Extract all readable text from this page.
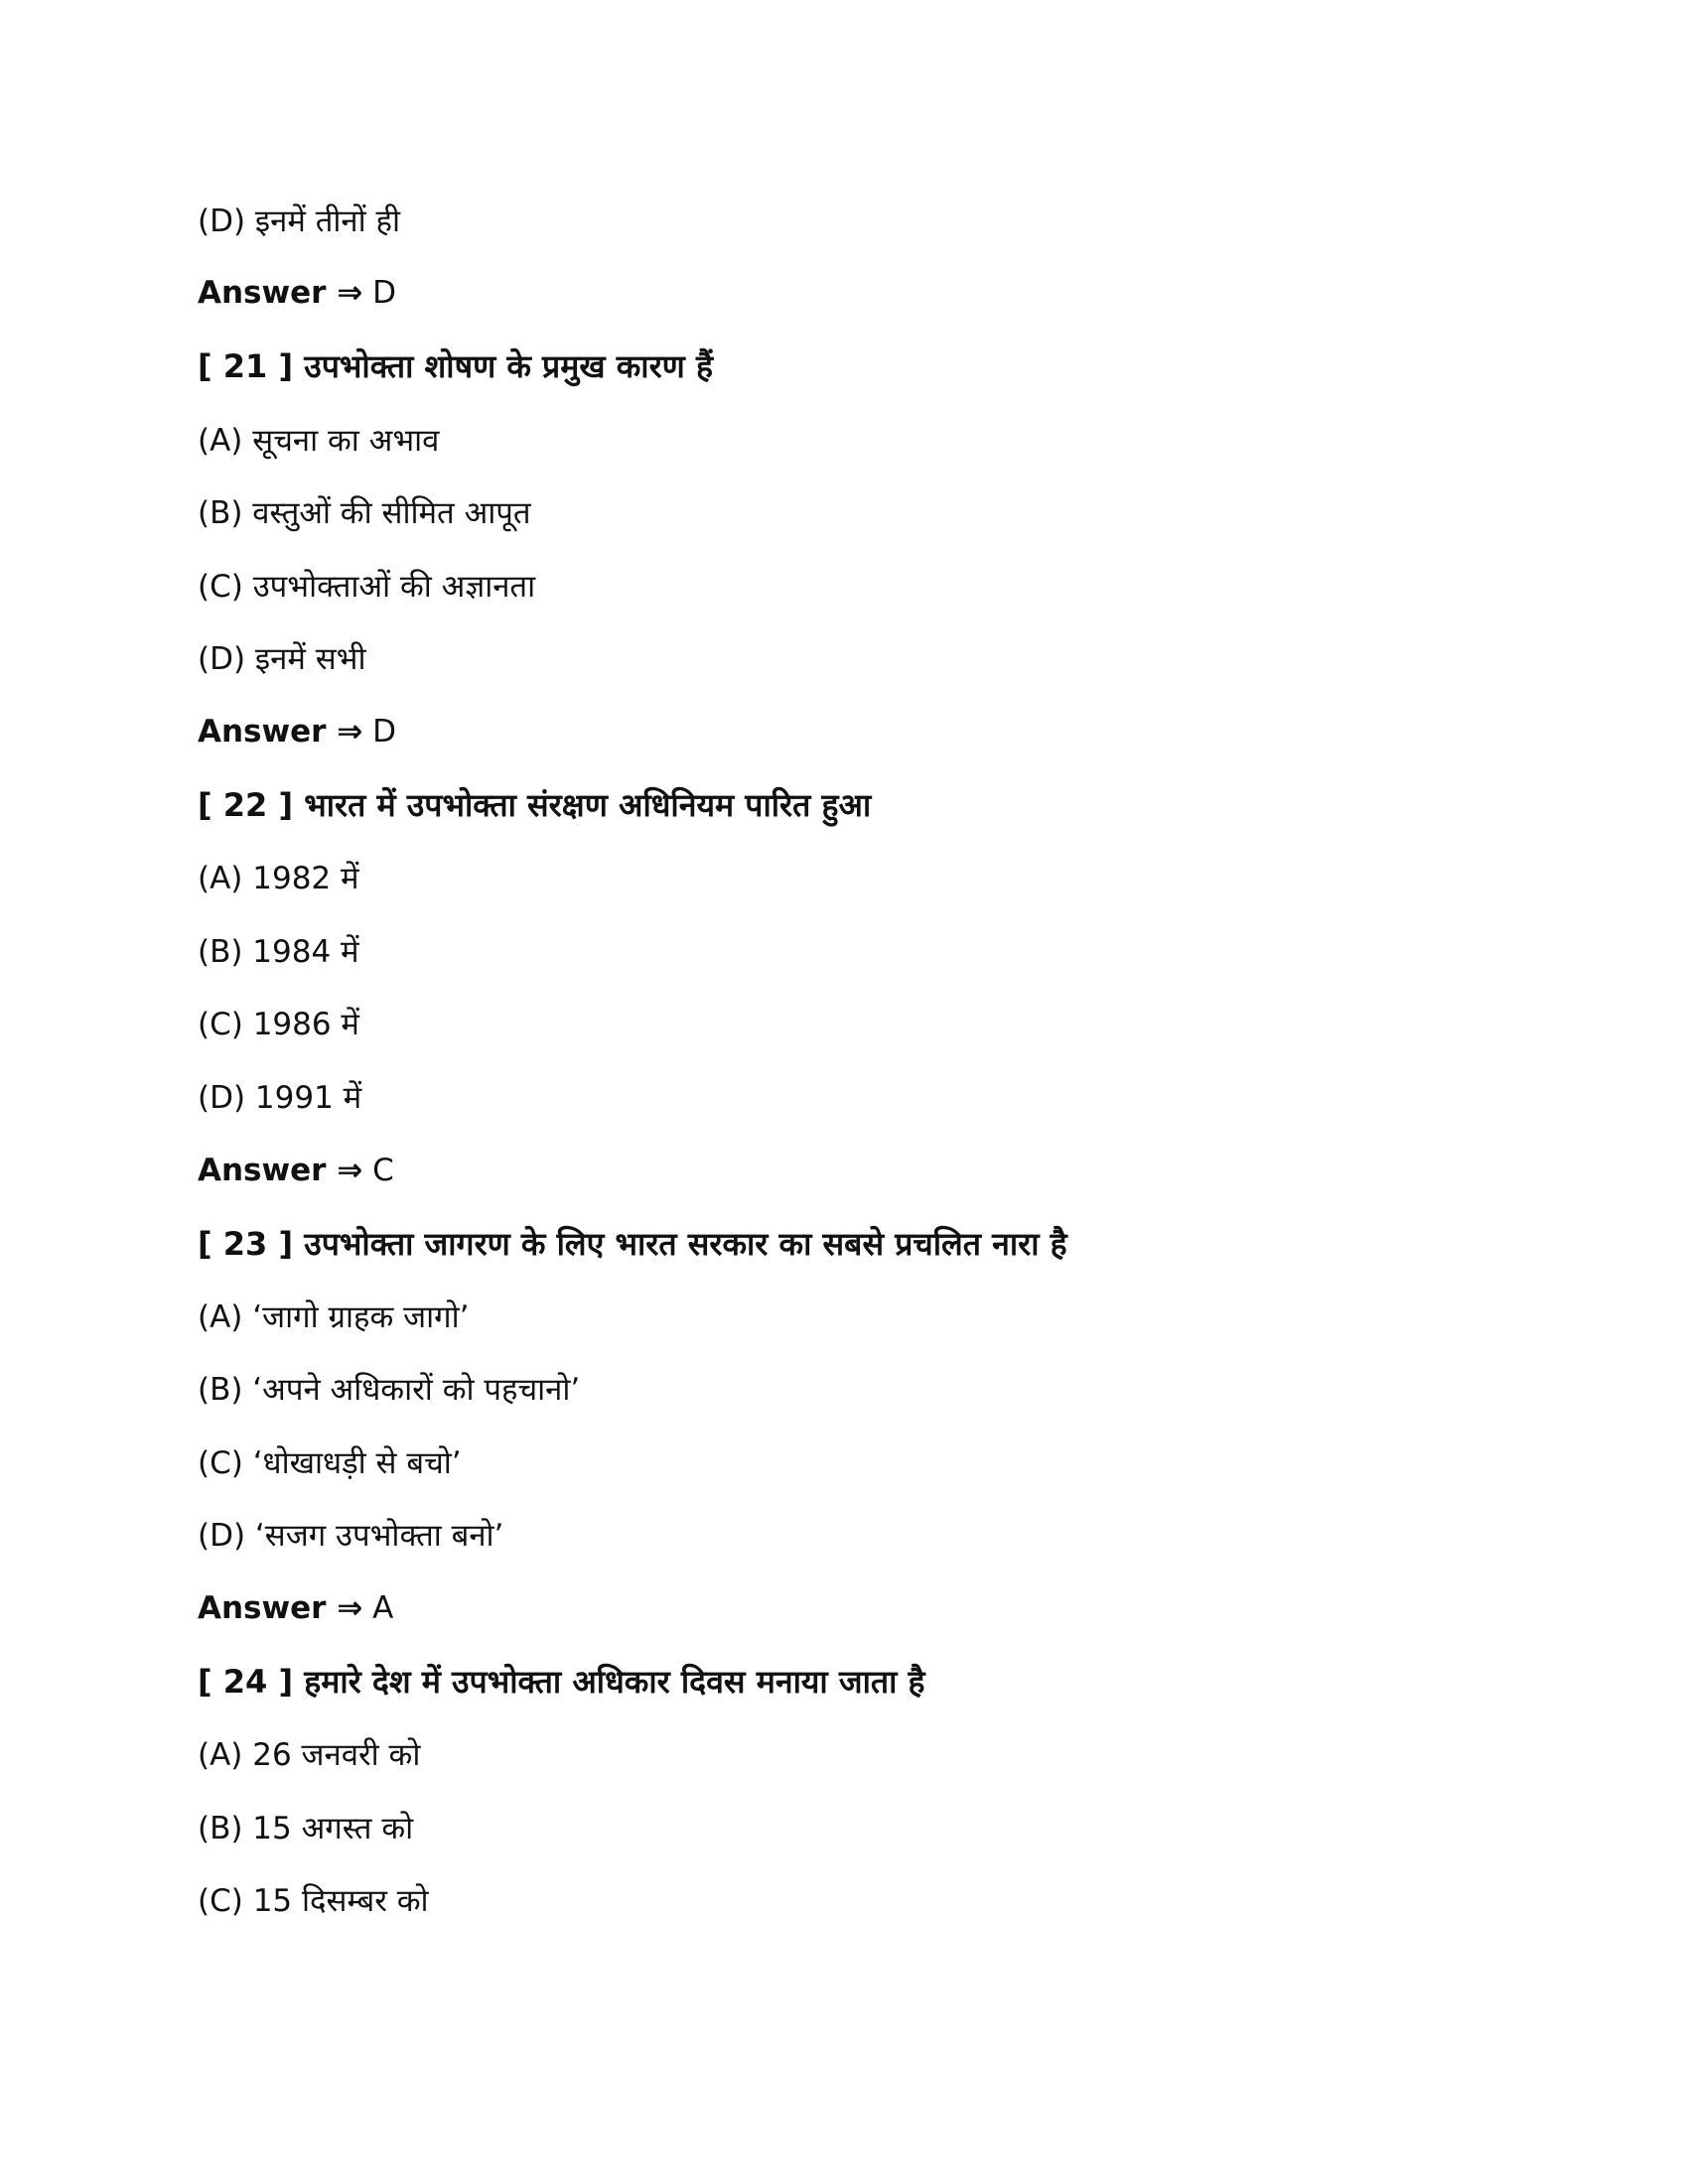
(D) इनमें तीनों ही
Answer ⇒
D
[ 21 ] उपभोक्ता शोषण के प्रमुख कारण हैं
(A) सूचना का अभाव
(B) वस्तुओं की सीमित आपूत
(C) उपभोक्ताओं की अज्ञानता
(D) इनमें सभी
Answer ⇒
D
[ 22 ] भारत में उपभोक्ता संरक्षण अधिनियम पारित हुआ
(A) 1982 में
(B) 1984 में
(C) 1986 में
(D) 1991 में
Answer ⇒
C
[ 23 ] उपभोक्ता जागरण के लिए भारत सरकार का सबसे प्रचलित नारा है
(A) ‘जागो ग्राहक जागो’
(B) ‘अपने अधिकारों को पहचानो’
(C) ‘धोखाधड़ी से बचो’
(D) ‘सजग उपभोक्ता बनो’
Answer ⇒
A
[ 24 ] हमारे देश में उपभोक्ता अधिकार दिवस मनाया जाता है
(A) 26 जनवरी को
(B) 15 अगस्त को
(C) 15 दिसम्बर को
